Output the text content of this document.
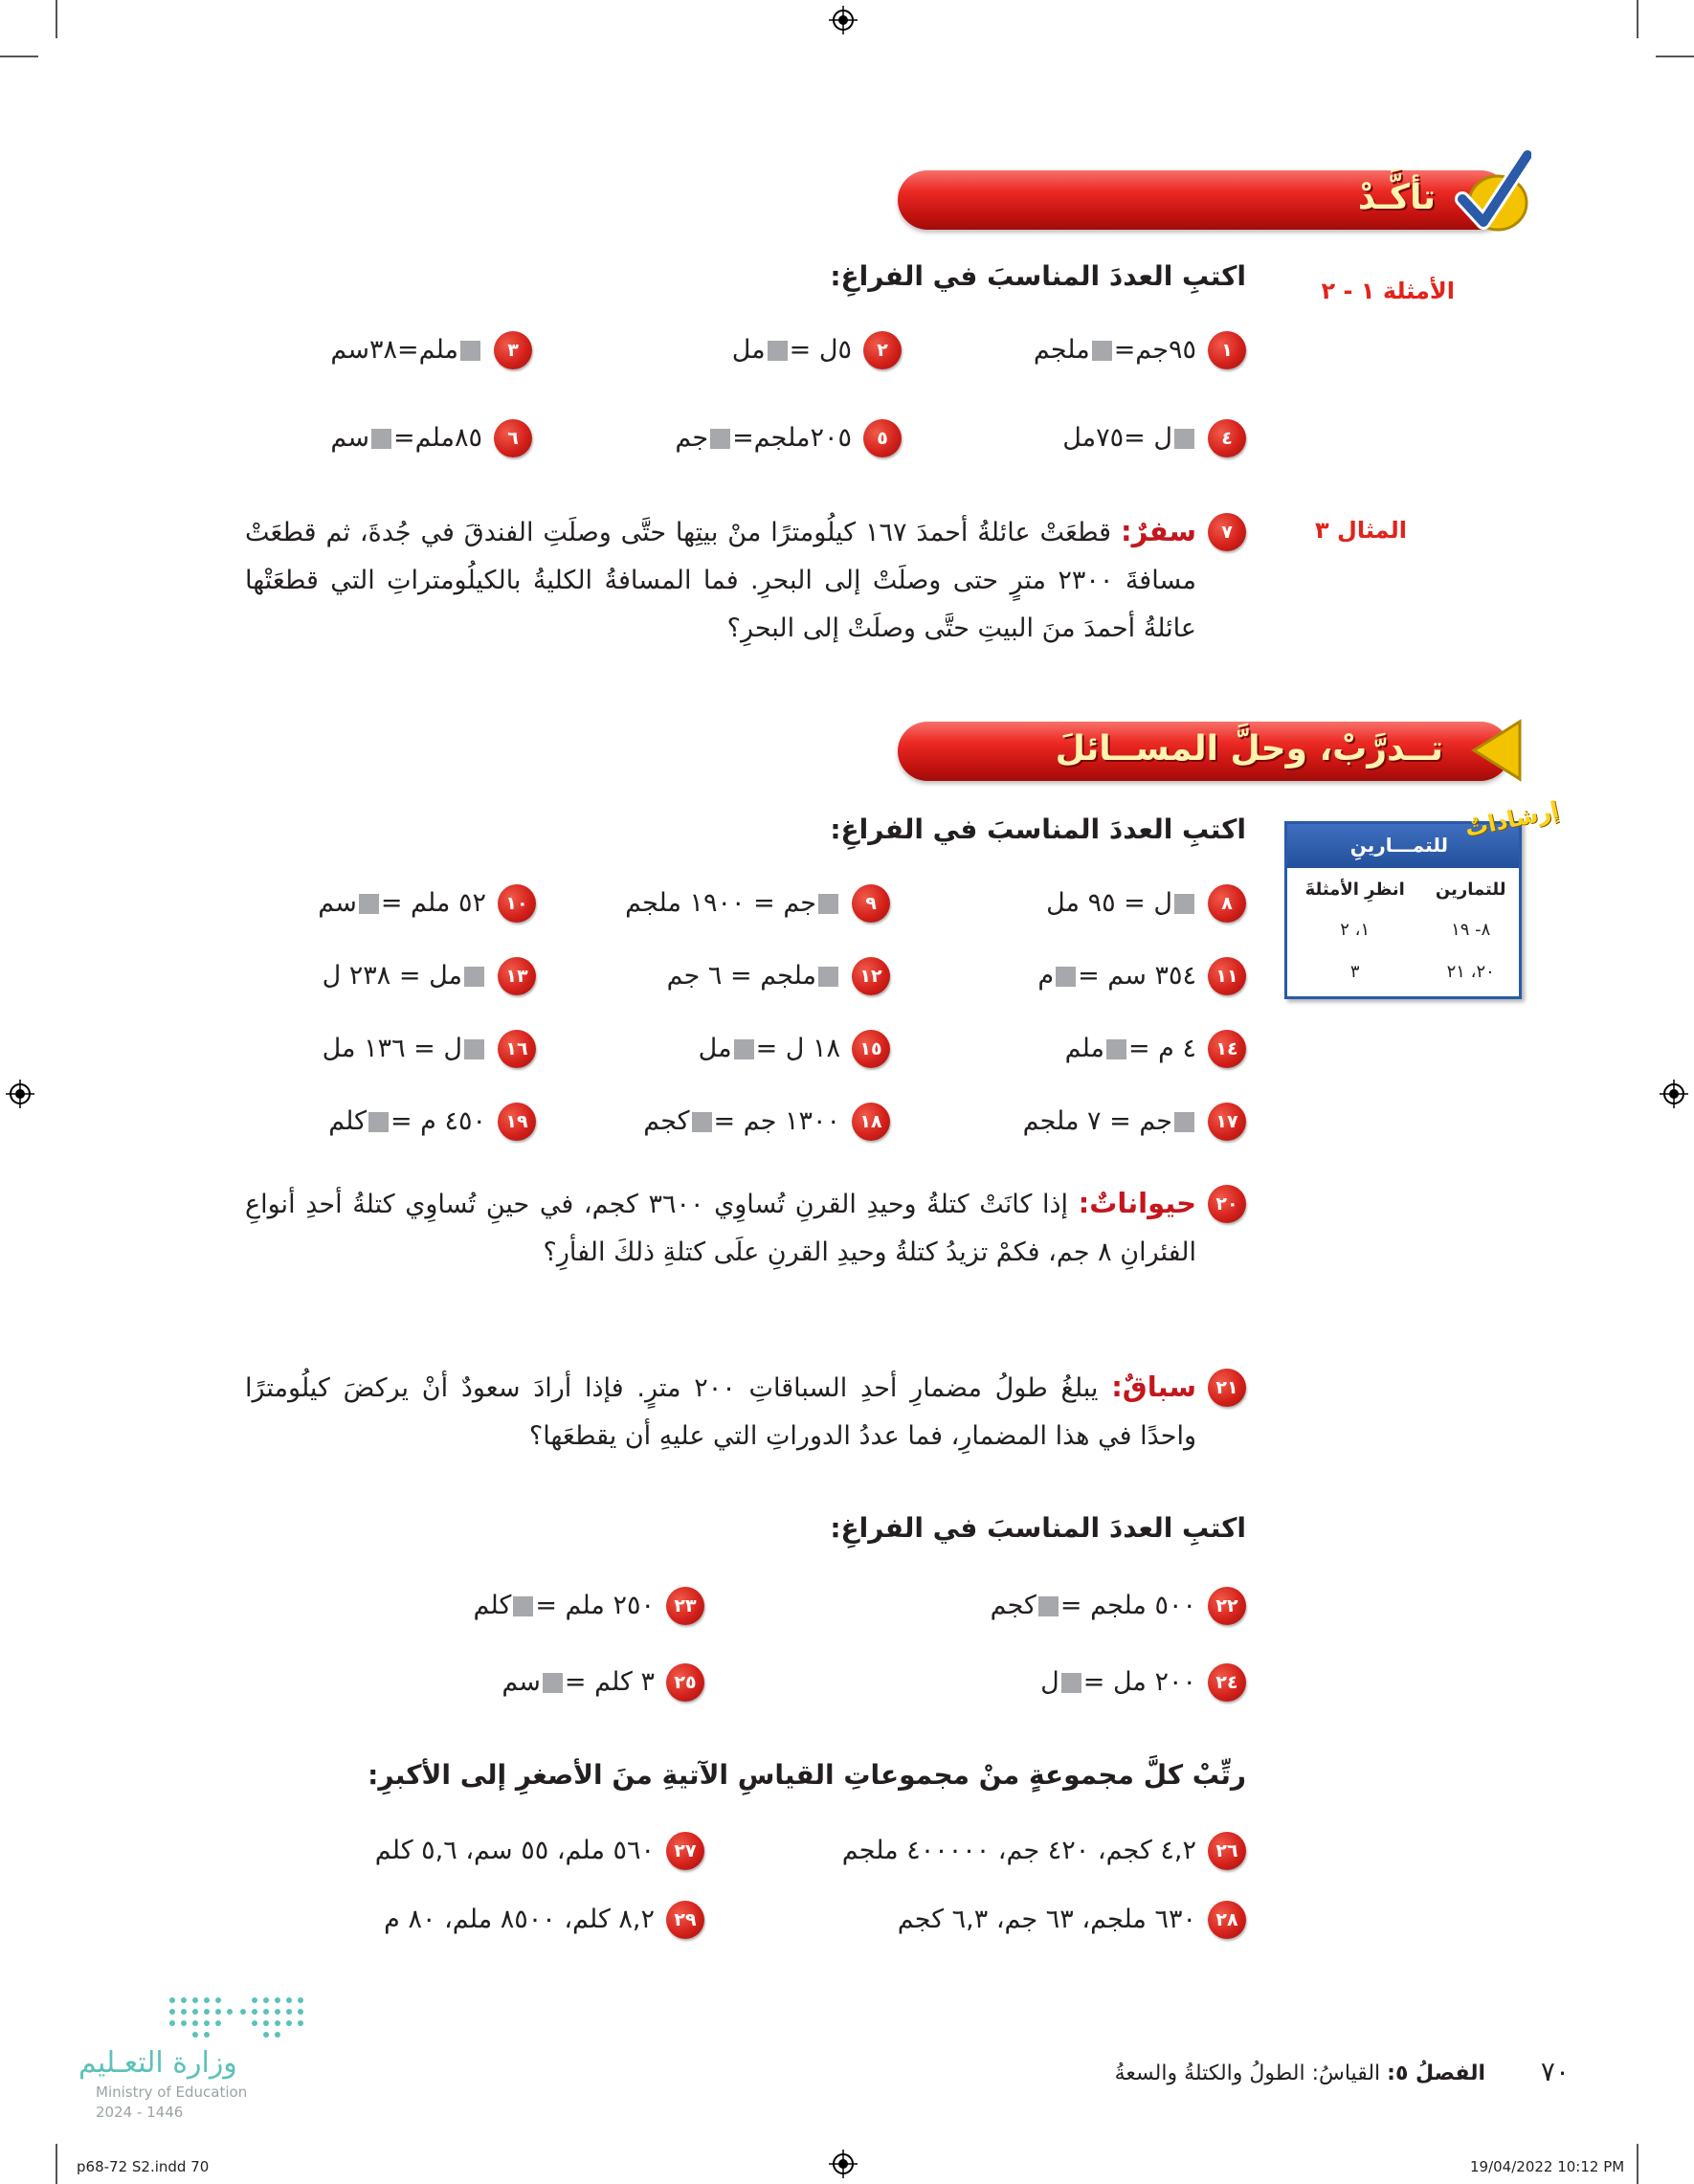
تأكَّـدْ
الأمثلة ١ - ٢
اكتبِ العددَ المناسبَ في الفراغِ:
١
٩٥جم=ملجم
٢
٥ل =مل
٣
ملم=٣٨سم
٤
ل =٧٥مل
٥
٢٠٥ملجم=جم
٦
٨٥ملم=سم
المثال ٣
٧
سفرٌ: قطعَتْ عائلةُ أحمدَ ١٦٧ كيلُومترًا منْ بيتِها حتَّى وصلَتِ الفندقَ في جُدةَ، ثم قطعَتْ مسافةَ ٢٣٠٠ مترٍ حتى وصلَتْ إلى البحرِ. فما المسافةُ الكليةُ بالكيلُومتراتِ التي قطعَتْها عائلةُ أحمدَ منَ البيتِ حتَّى وصلَتْ إلى البحرِ؟
تــدرَّبْ، وحلَّ المســائلَ
اكتبِ العددَ المناسبَ في الفراغِ:	للتمـــارينِ
للتمارين	انظرِ الأمثلةَ
٨- ١٩	١، ٢
٢٠، ٢١	٣
إرشاداتٌ
٨
ل = ٩٥ مل
٩
جم = ١٩٠٠ ملجم
١٠
٥٢ ملم =سم
١١
٣٥٤ سم =م
١٢
ملجم = ٦ جم
١٣
مل = ٢٣٨ ل
١٤
٤ م =ملم
١٥
١٨ ل =مل
١٦
ل = ١٣٦ مل
١٧
جم = ٧ ملجم
١٨
١٣٠٠ جم =كجم
١٩
٤٥٠ م =كلم
٢٠
حيواناتٌ: إذا كانَتْ كتلةُ وحيدِ القرنِ تُساوِي ٣٦٠٠ كجم، في حينِ تُساوِي كتلةُ أحدِ أنواعِ الفئرانِ ٨ جم، فكمْ تزيدُ كتلةُ وحيدِ القرنِ علَى كتلةِ ذلكَ الفأرِ؟
٢١
سباقٌ: يبلغُ طولُ مضمارِ أحدِ السباقاتِ ٢٠٠ مترٍ. فإذا أرادَ سعودٌ أنْ يركضَ كيلُومترًا واحدًا في هذا المضمارِ، فما عددُ الدوراتِ التي عليهِ أن يقطعَها؟
اكتبِ العددَ المناسبَ في الفراغِ:
٢٢
٥٠٠ ملجم =كجم
٢٣
٢٥٠ ملم =كلم
٢٤
٢٠٠ مل =ل
٢٥
٣ كلم =سم
رتِّبْ كلَّ مجموعةٍ منْ مجموعاتِ القياسِ الآتيةِ منَ الأصغرِ إلى الأكبرِ:
٢٦
٤,٢ كجم، ٤٢٠ جم، ٤٠٠٠٠٠ ملجم
٢٧
٥٦٠ ملم، ٥٥ سم، ٥,٦ كلم
٢٨
٦٣٠ ملجم، ٦٣ جم، ٦,٣ كجم
٢٩
٨,٢ كلم، ٨٥٠٠ ملم، ٨٠ م
وزارة التعـليم
Ministry of Education
2024 - 1446
٧٠
الفصلُ ٥: القياسُ: الطولُ والكتلةُ والسعةُ
p68-72 S2.indd 70	19/04/2022 10:12 PM
